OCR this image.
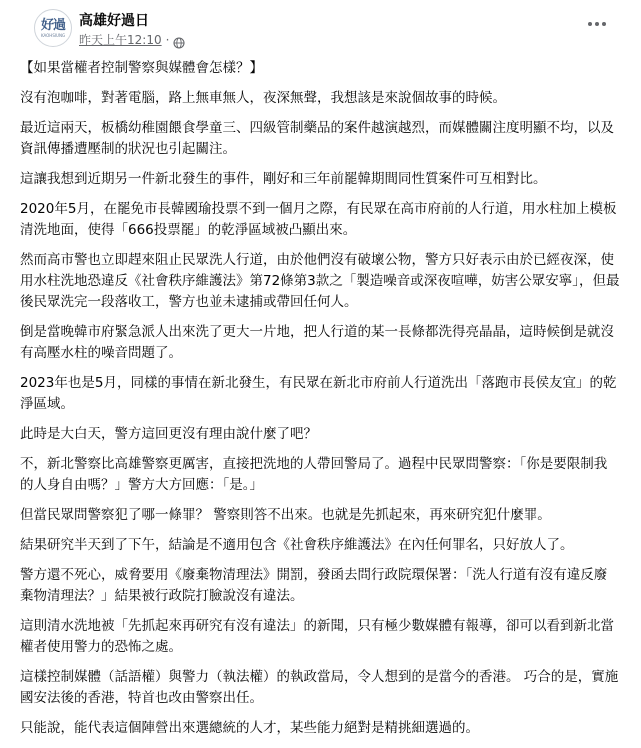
好過
KAOHSIUNG
高雄好過日
昨天上午12:10 ·

【如果當權者控制警察與媒體會怎樣？】

沒有泡咖啡，對著電腦，路上無車無人，夜深無聲，我想該是來說個故事的時候。

最近這兩天，板橋幼稚園餵食學童三、四級管制藥品的案件越演越烈，而媒體關注度明顯不均，以及資訊傳播遭壓制的狀況也引起關注。

這讓我想到近期另一件新北發生的事件，剛好和三年前罷韓期間同性質案件可互相對比。

2020年5月，在罷免市長韓國瑜投票不到一個月之際，有民眾在高市府前的人行道，用水柱加上模板清洗地面，使得「666投票罷」的乾淨區域被凸顯出來。

然而高市警也立即趕來阻止民眾洗人行道，由於他們沒有破壞公物，警方只好表示由於已經夜深，使用水柱洗地恐違反《社會秩序維護法》第72條第3款之「製造噪音或深夜喧嘩，妨害公眾安寧」，但最後民眾洗完一段落收工，警方也並未逮捕或帶回任何人。

倒是當晚韓市府緊急派人出來洗了更大一片地，把人行道的某一長條都洗得亮晶晶，這時候倒是就沒有高壓水柱的噪音問題了。

2023年也是5月，同樣的事情在新北發生，有民眾在新北市府前人行道洗出「落跑市長侯友宜」的乾淨區域。

此時是大白天，警方這回更沒有理由說什麼了吧？

不，新北警察比高雄警察更厲害，直接把洗地的人帶回警局了。過程中民眾問警察：「你是要限制我的人身自由嗎？」警方大方回應：「是。」

但當民眾問警察犯了哪一條罪？ 警察則答不出來。也就是先抓起來，再來研究犯什麼罪。

結果研究半天到了下午，結論是不適用包含《社會秩序維護法》在內任何罪名，只好放人了。

警方還不死心，威脅要用《廢棄物清理法》開罰，發函去問行政院環保署：「洗人行道有沒有違反廢棄物清理法？」結果被行政院打臉說沒有違法。

這則清水洗地被「先抓起來再研究有沒有違法」的新聞，只有極少數媒體有報導，卻可以看到新北當權者使用警力的恐怖之處。

這樣控制媒體（話語權）與警力（執法權）的執政當局，令人想到的是當今的香港。 巧合的是，實施國安法後的香港，特首也改由警察出任。

只能說，能代表這個陣營出來選總統的人才，某些能力絕對是精挑細選過的。
